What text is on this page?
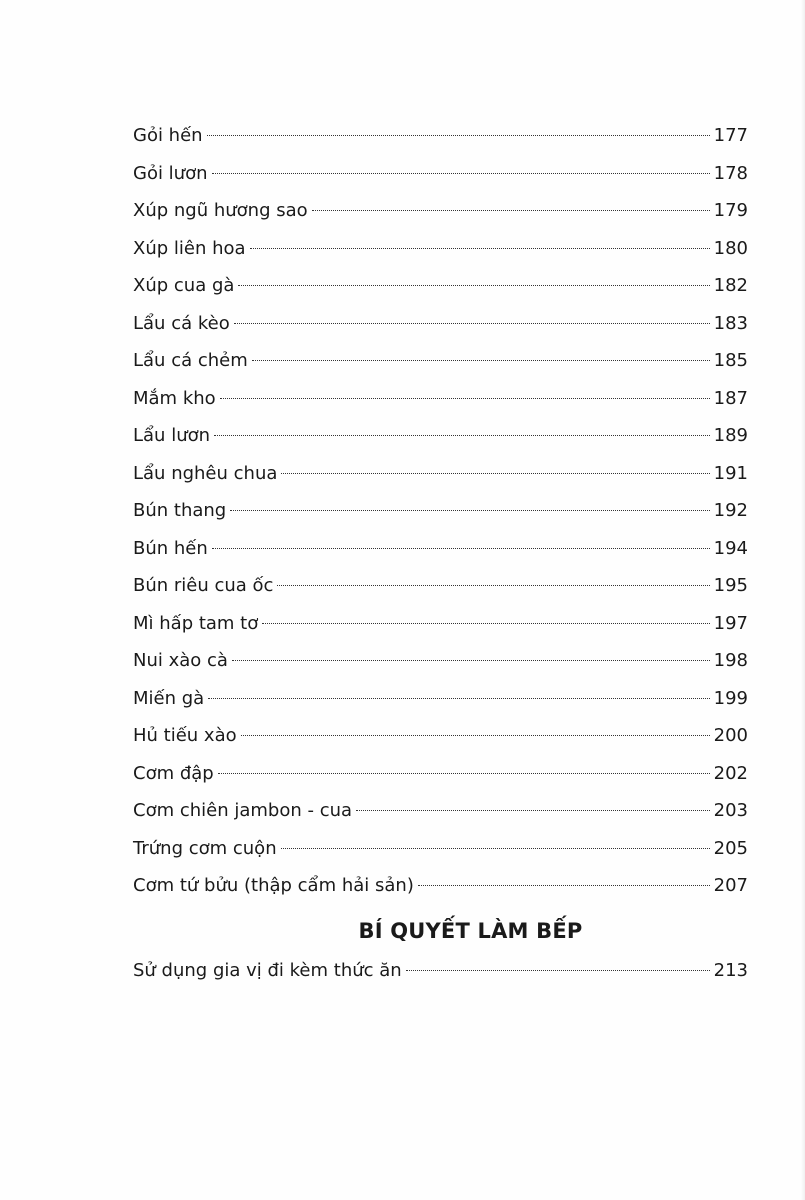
Gỏi hến	177
Gỏi lươn	178
Xúp ngũ hương sao	179
Xúp liên hoa	180
Xúp cua gà	182
Lẩu cá kèo	183
Lẩu cá chẻm	185
Mắm kho	187
Lẩu lươn	189
Lẩu nghêu chua	191
Bún thang	192
Bún hến	194
Bún riêu cua ốc	195
Mì hấp tam tơ	197
Nui xào cà	198
Miến gà	199
Hủ tiếu xào	200
Cơm đập	202
Cơm chiên jambon - cua	203
Trứng cơm cuộn	205
Cơm tứ bửu (thập cẩm hải sản)	207
BÍ QUYẾT LÀM BẾP
Sử dụng gia vị đi kèm thức ăn	213
